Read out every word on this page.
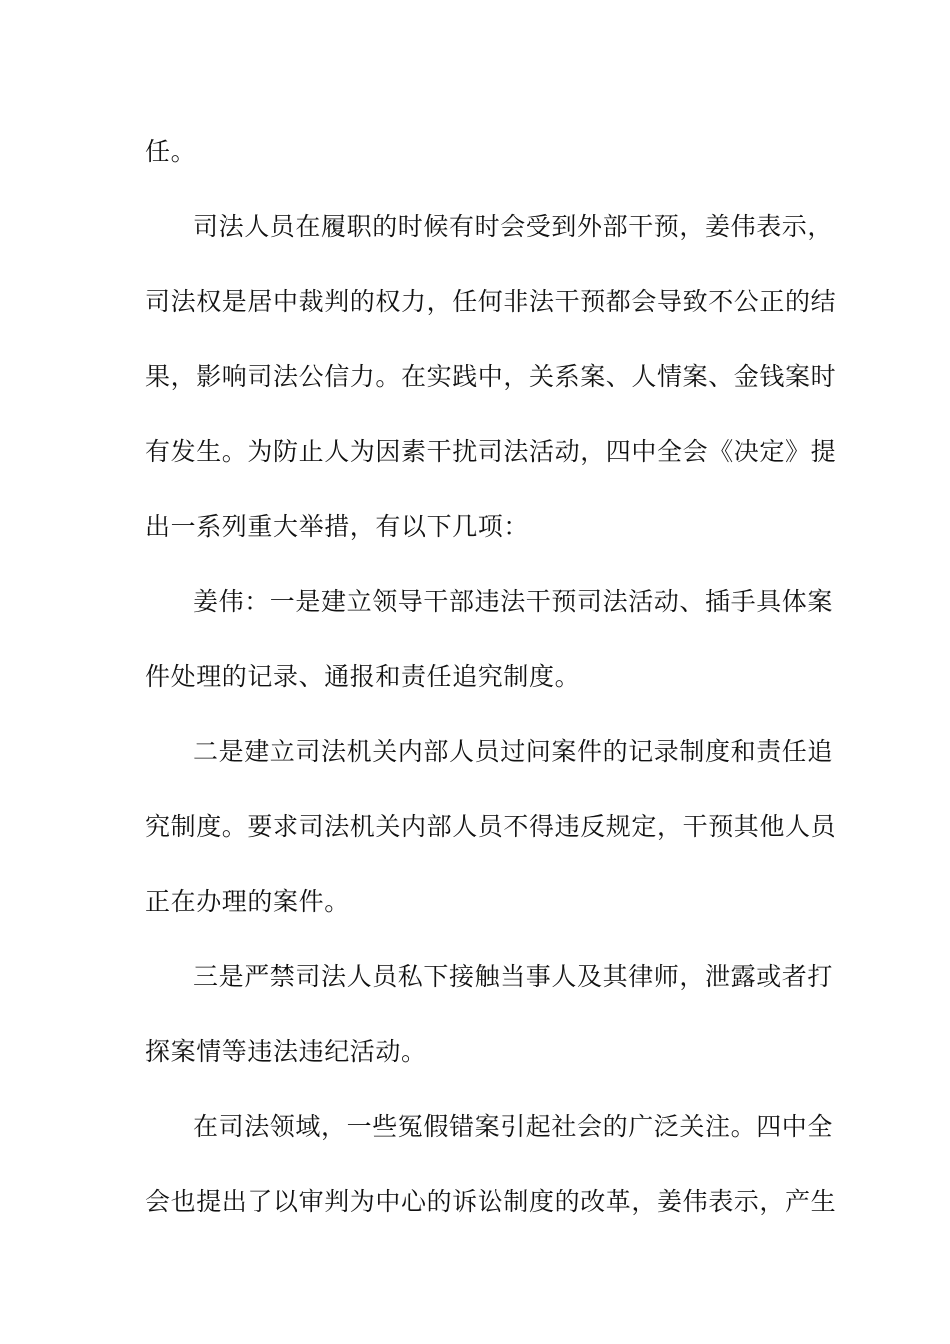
任。
司法人员在履职的时候有时会受到外部干预，姜伟表示，
司法权是居中裁判的权力，任何非法干预都会导致不公正的结
果，影响司法公信力。在实践中，关系案、人情案、金钱案时
有发生。为防止人为因素干扰司法活动，四中全会《决定》提
出一系列重大举措，有以下几项：
姜伟：一是建立领导干部违法干预司法活动、插手具体案
件处理的记录、通报和责任追究制度。
二是建立司法机关内部人员过问案件的记录制度和责任追
究制度。要求司法机关内部人员不得违反规定，干预其他人员
正在办理的案件。
三是严禁司法人员私下接触当事人及其律师，泄露或者打
探案情等违法违纪活动。
在司法领域，一些冤假错案引起社会的广泛关注。四中全
会也提出了以审判为中心的诉讼制度的改革，姜伟表示，产生
